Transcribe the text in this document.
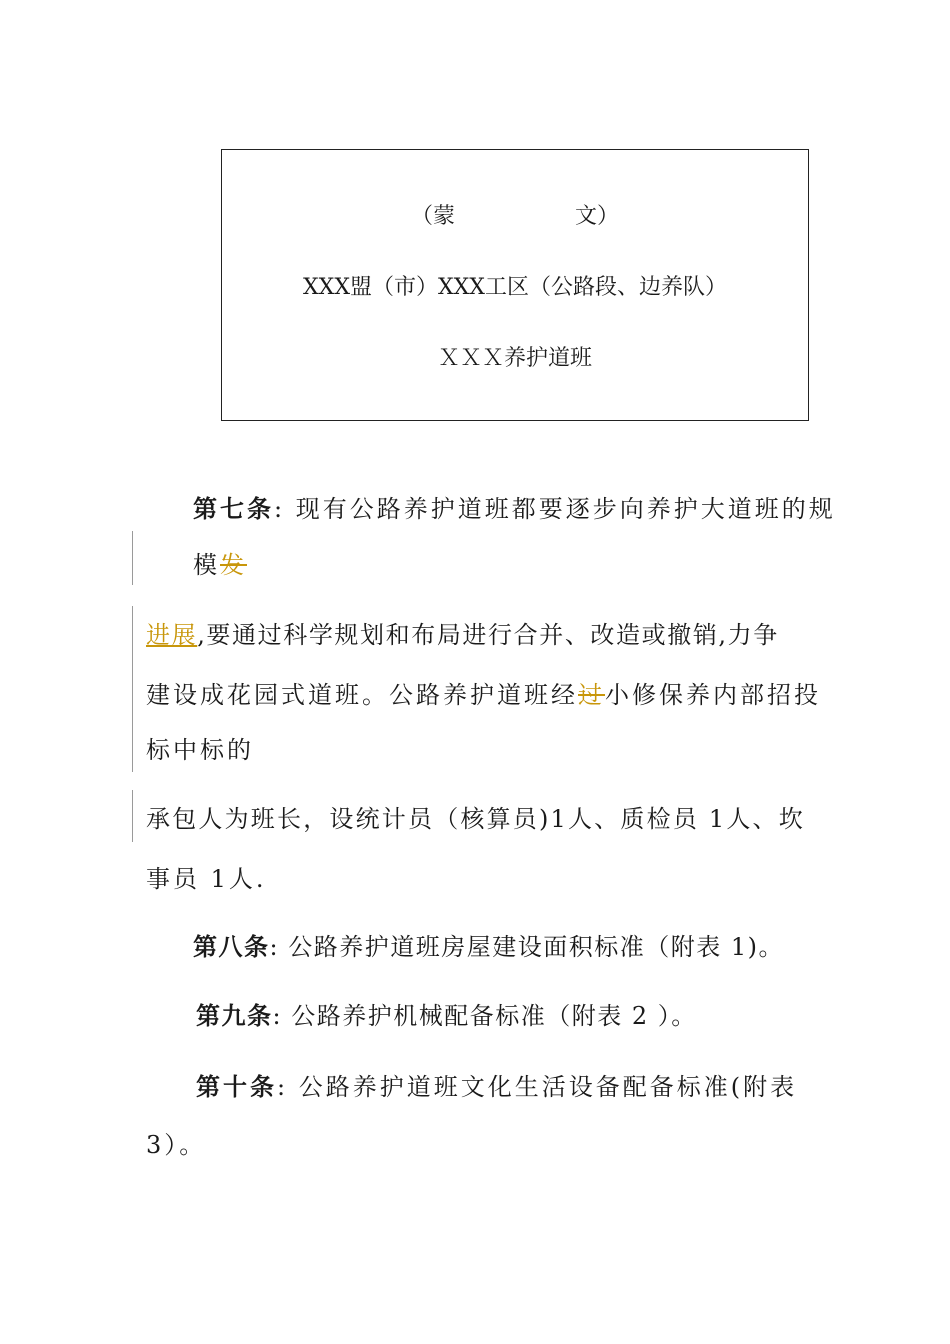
（蒙	文）
XXX盟（市）XXX工区（公路段、边养队）
ＸＸＸ养护道班
第七条: 现有公路养护道班都要逐步向养护大道班的规
模发
进展,要通过科学规划和布局进行合并、改造或撤销,力争
建设成花园式道班。公路养护道班经过小修保养内部招投
标中标的
承包人为班长，设统计员（核算员)1人、质检员 1人、坎
事员 1人.
第八条: 公路养护道班房屋建设面积标准（附表 1)。
第九条: 公路养护机械配备标准（附表 2 ）。
第十条: 公路养护道班文化生活设备配备标准(附表
3）。
